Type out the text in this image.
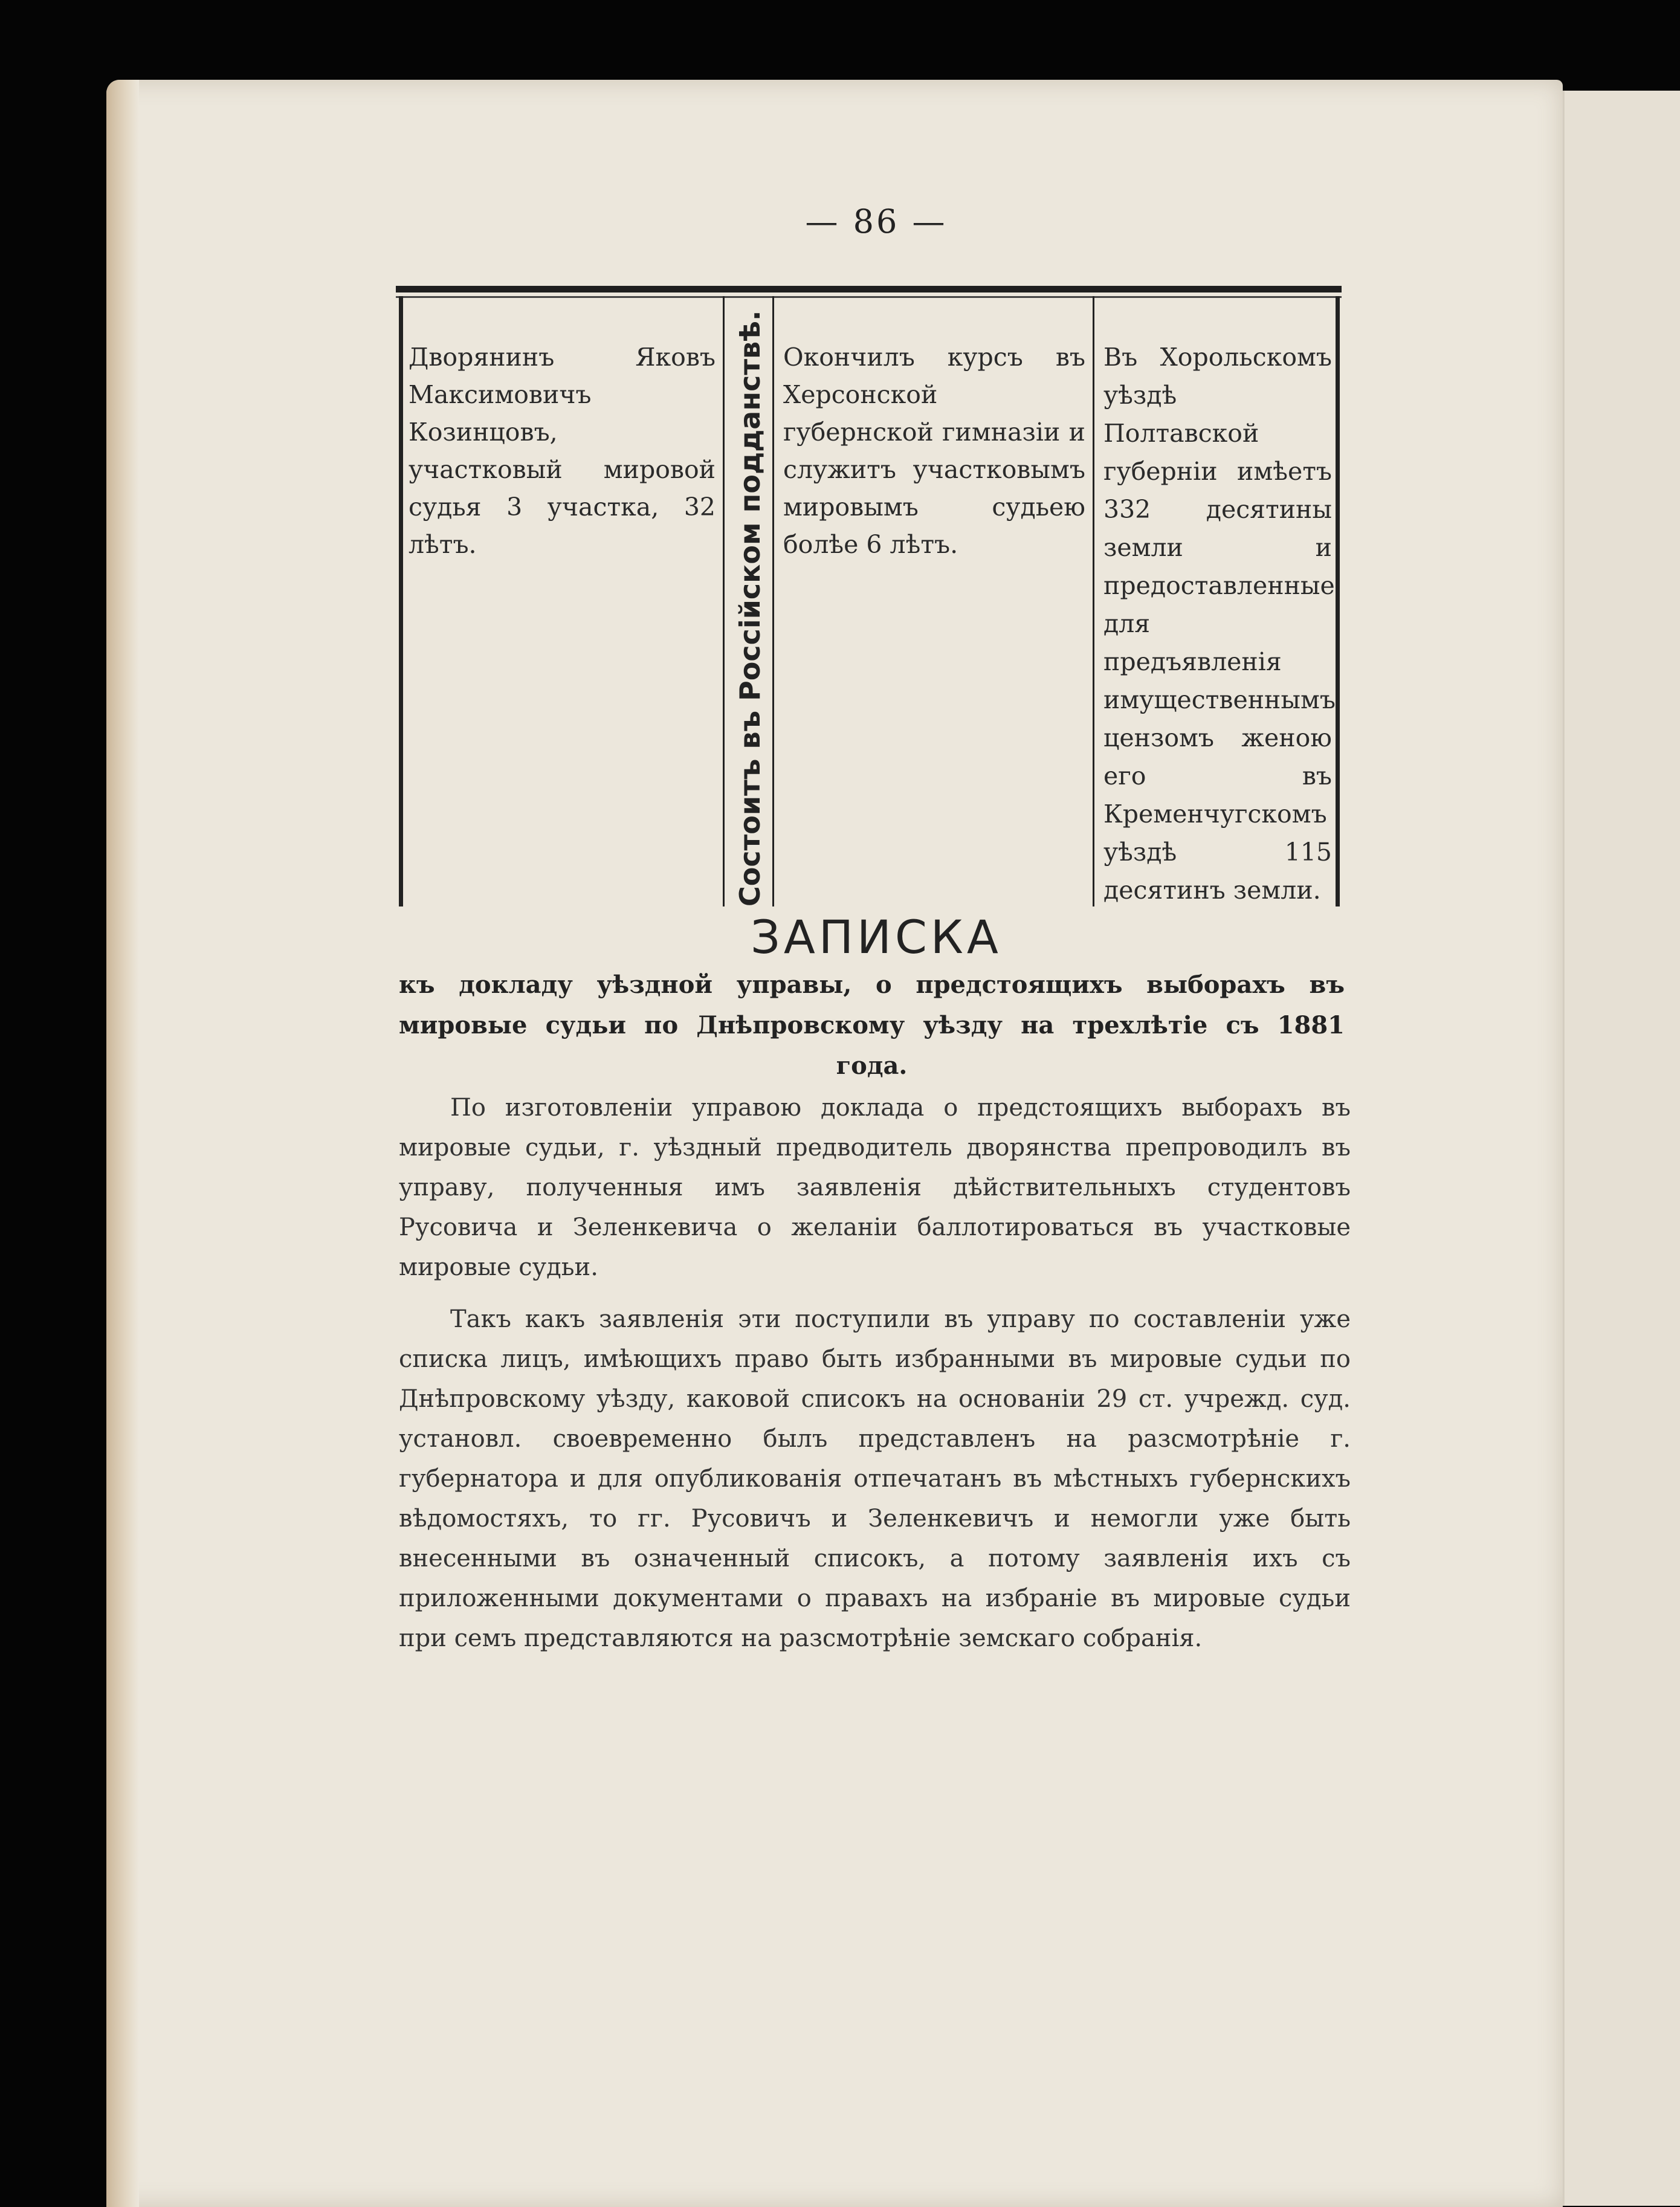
— 86 —
Дворянинъ Яковъ Максимовичъ Козинцовъ, участковый мировой судья 3 участка, 32 лѣтъ.	Состоитъ въ Россійском подданствѣ. Окончилъ курсъ въ Херсонской губернской гимназіи и служитъ участковымъ мировымъ судьею болѣе 6 лѣтъ.
Въ Хорольскомъ уѣздѣ Полтавской губерніи имѣетъ 332 десятины земли и предоставленные для предъявленія имущественнымъ цензомъ женою его въ Кременчугскомъ уѣздѣ 115 десятинъ земли.
ЗАПИСКА
къ докладу уѣздной управы, о предстоящихъ выборахъ въ мировые судьи по Днѣпровскому уѣзду на трехлѣтіе съ 1881 года.
По изготовленіи управою доклада о предстоящихъ выборахъ въ мировые судьи, г. уѣздный предводитель дворянства препроводилъ въ управу, полученныя имъ заявленія дѣйствительныхъ студентовъ Русовича и Зеленкевича о желаніи баллотироваться въ участковые мировые судьи.
Такъ какъ заявленія эти поступили въ управу по составленіи уже списка лицъ, имѣющихъ право быть избранными въ мировые судьи по Днѣпровскому уѣзду, каковой списокъ на основаніи 29 ст. учрежд. суд. установл. своевременно былъ представленъ на разсмотрѣніе г. губернатора и для опубликованія отпечатанъ въ мѣстныхъ губернскихъ вѣдомостяхъ, то гг. Русовичъ и Зеленкевичъ и немогли уже быть внесенными въ означенный списокъ, а потому заявленія ихъ съ приложенными документами о правахъ на избраніе въ мировые судьи при семъ представляются на разсмотрѣніе земскаго собранія.
